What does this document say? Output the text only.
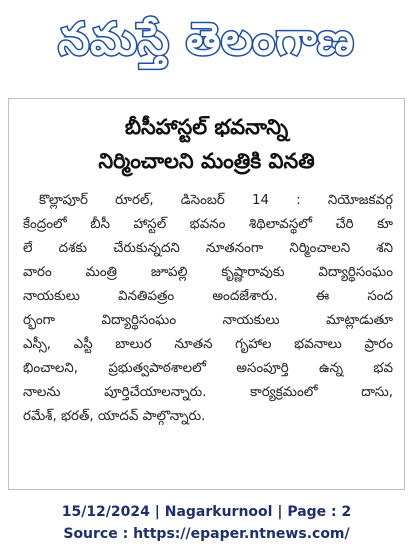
నమస్తే తెలంగాణ
బీసీహాస్టల్ భవనాన్ని
నిర్మించాలని మంత్రికి వినతి
కొల్లాపూర్ రూరల్, డిసెంబర్ 14 : నియోజకవర్గ
కేంద్రంలో బీసీ హాస్టల్ భవనం శిథిలావస్థలో చేరి కూ
లే దశకు చేరుకున్నదని నూతనంగా నిర్మించాలని శని
వారం మంత్రి జూపల్లి కృష్ణారావుకు విద్యార్థిసంఘం
నాయకులు వినతిపత్రం అందజేశారు. ఈ సంద
ర్భంగా విద్యార్థిసంఘం నాయకులు మాట్లాడుతూ
ఎస్సీ, ఎస్టీ బాలుర నూతన గృహాల భవనాలు ప్రారం
భించాలని, ప్రభుత్వపాఠశాలలో అసంపూర్తి ఉన్న భవ
నాలను పూర్తిచేయాలన్నారు. కార్యక్రమంలో దాసు,
రమేశ్, భరత్, యాదవ్ పాల్గొన్నారు.
15/12/2024 | Nagarkurnool | Page : 2
Source : https://epaper.ntnews.com/
